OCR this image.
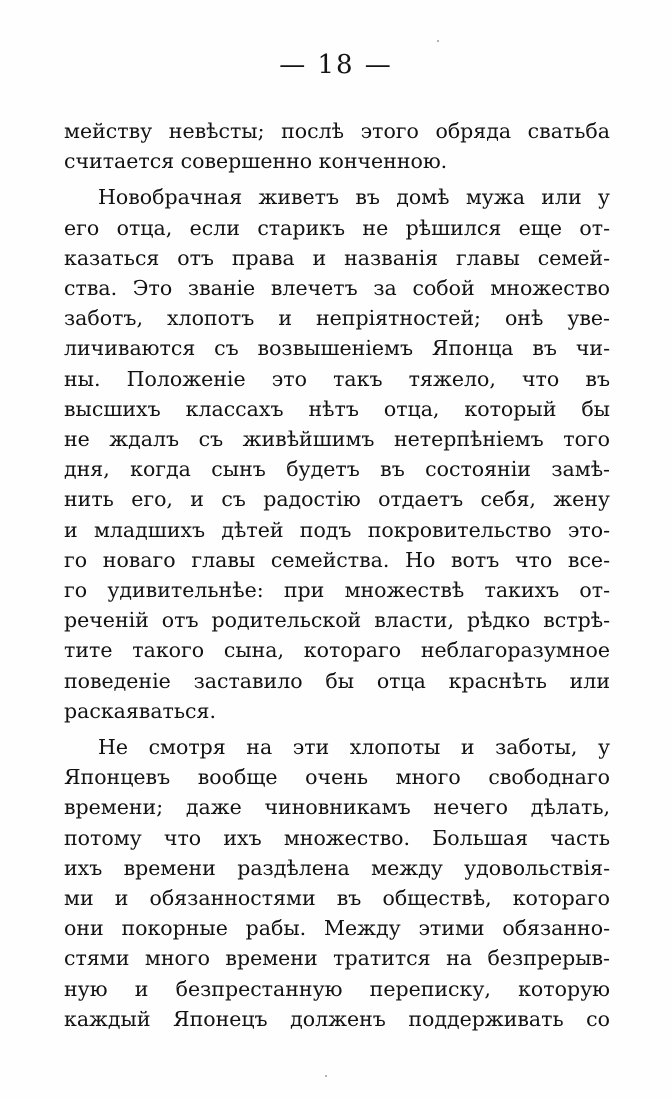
— 18 —
мейству невѣсты; послѣ этого обряда сватьба
считается совершенно конченною.
Новобрачная живетъ въ домѣ мужа или у
его отца, если старикъ не рѣшился еще от-
казаться отъ права и названія главы семей-
ства. Это званіе влечетъ за собой множество
заботъ, хлопотъ и непріятностей; онѣ уве-
личиваются съ возвышеніемъ Японца въ чи-
ны. Положеніе это такъ тяжело, что въ
высшихъ классахъ нѣтъ отца, который бы
не ждалъ съ живѣйшимъ нетерпѣніемъ того
дня, когда сынъ будетъ въ состояніи замѣ-
нить его, и съ радостію отдаетъ себя, жену
и младшихъ дѣтей подъ покровительство это-
го новаго главы семейства. Но вотъ что все-
го удивительнѣе: при множествѣ такихъ от-
реченій отъ родительской власти, рѣдко встрѣ-
тите такого сына, котораго неблагоразумное
поведеніе заставило бы отца краснѣть или
раскаяваться.
Не смотря на эти хлопоты и заботы, у
Японцевъ вообще очень много свободнаго
времени; даже чиновникамъ нечего дѣлать,
потому что ихъ множество. Большая часть
ихъ времени раздѣлена между удовольствія-
ми и обязанностями въ обществѣ, котораго
они покорные рабы. Между этими обязанно-
стями много времени тратится на безпрерыв-
ную и безпрестанную переписку, которую
каждый Японецъ долженъ поддерживать со
